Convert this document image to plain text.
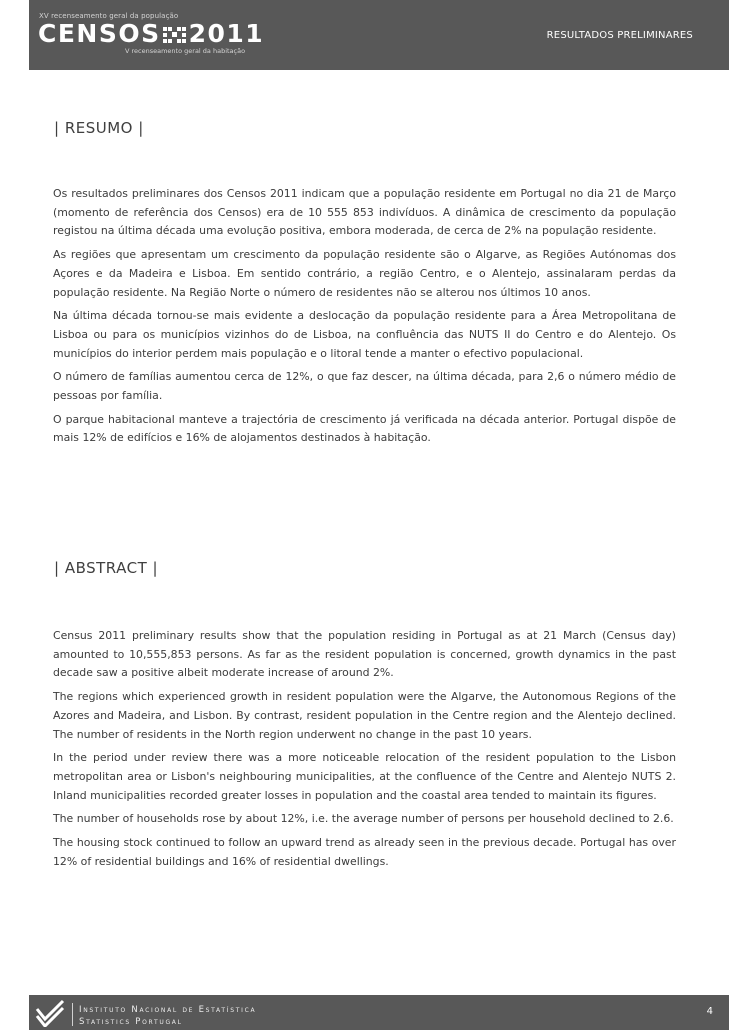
XV recenseamento geral da população
CENSOS 2011
V recenseamento geral da habitação
RESULTADOS PRELIMINARES
| RESUMO |

Os resultados preliminares dos Censos 2011 indicam que a população residente em Portugal no dia 21 de Março (momento de referência dos Censos) era de 10 555 853 indivíduos. A dinâmica de crescimento da população registou na última década uma evolução positiva, embora moderada, de cerca de 2% na população residente.

As regiões que apresentam um crescimento da população residente são o Algarve, as Regiões Autónomas dos Açores e da Madeira e Lisboa. Em sentido contrário, a região Centro, e o Alentejo, assinalaram perdas da população residente. Na Região Norte o número de residentes não se alterou nos últimos 10 anos.

Na última década tornou-se mais evidente a deslocação da população residente para a Área Metropolitana de Lisboa ou para os municípios vizinhos do de Lisboa, na confluência das NUTS II do Centro e do Alentejo. Os municípios do interior perdem mais população e o litoral tende a manter o efectivo populacional.

O número de famílias aumentou cerca de 12%, o que faz descer, na última década, para 2,6 o número médio de pessoas por família.

O parque habitacional manteve a trajectória de crescimento já verificada na década anterior. Portugal dispõe de mais 12% de edifícios e 16% de alojamentos destinados à habitação.

| ABSTRACT |

Census 2011 preliminary results show that the population residing in Portugal as at 21 March (Census day) amounted to 10,555,853 persons. As far as the resident population is concerned, growth dynamics in the past decade saw a positive albeit moderate increase of around 2%.

The regions which experienced growth in resident population were the Algarve, the Autonomous Regions of the Azores and Madeira, and Lisbon. By contrast, resident population in the Centre region and the Alentejo declined. The number of residents in the North region underwent no change in the past 10 years.

In the period under review there was a more noticeable relocation of the resident population to the Lisbon metropolitan area or Lisbon's neighbouring municipalities, at the confluence of the Centre and Alentejo NUTS 2. Inland municipalities recorded greater losses in population and the coastal area tended to maintain its figures.

The number of households rose by about 12%, i.e. the average number of persons per household declined to 2.6.

The housing stock continued to follow an upward trend as already seen in the previous decade. Portugal has over 12% of residential buildings and 16% of residential dwellings.

Instituto Nacional de Estatística
Statistics Portugal
4
